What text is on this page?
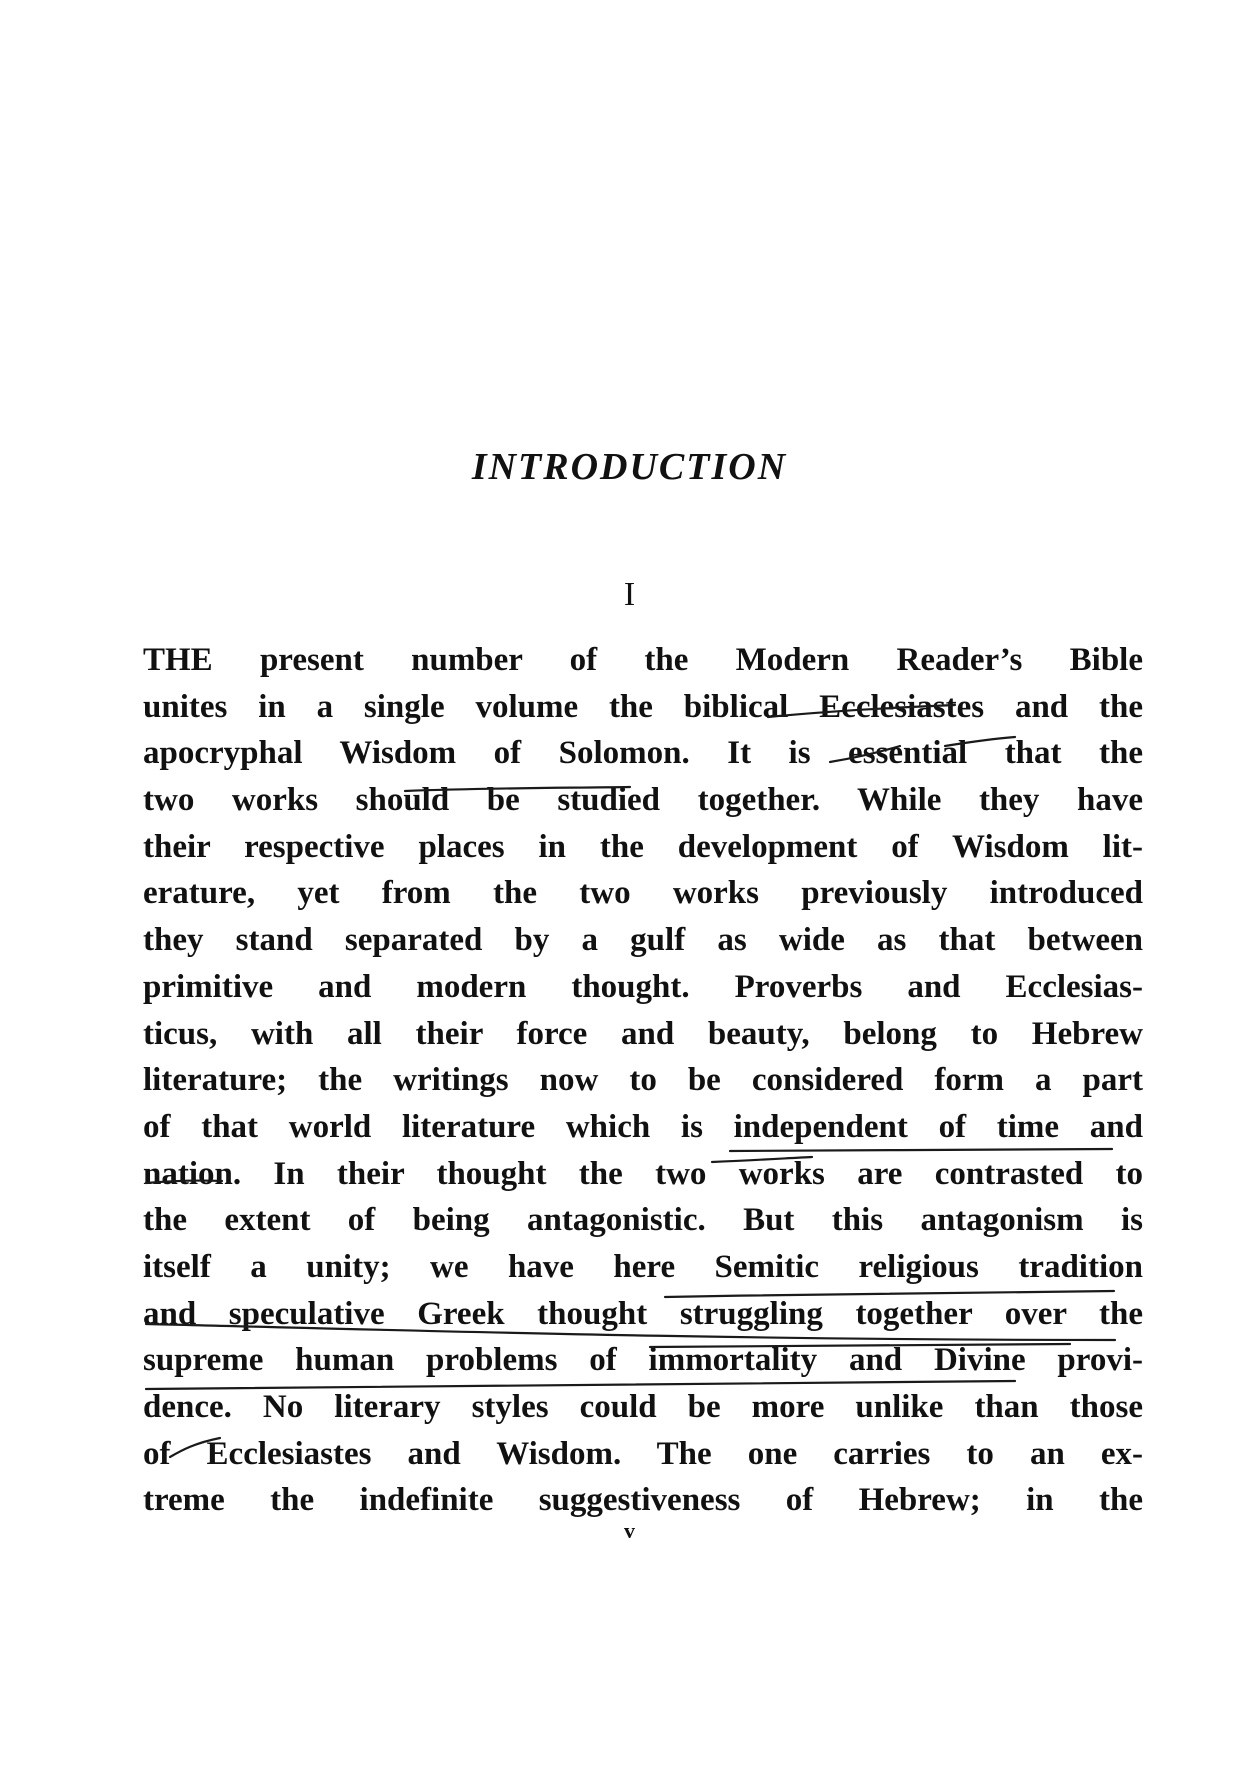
INTRODUCTION
I
THE present number of the Modern Reader’s Bible
unites in a single volume the biblical Ecclesiastes and the
apocryphal Wisdom of Solomon. It is essential that the
two works should be studied together. While they have
their respective places in the development of Wisdom lit-
erature, yet from the two works previously introduced
they stand separated by a gulf as wide as that between
primitive and modern thought. Proverbs and Ecclesias-
ticus, with all their force and beauty, belong to Hebrew
literature; the writings now to be considered form a part
of that world literature which is independent of time and
nation. In their thought the two works are contrasted to
the extent of being antagonistic. But this antagonism is
itself a unity; we have here Semitic religious tradition
and speculative Greek thought struggling together over the
supreme human problems of immortality and Divine provi-
dence. No literary styles could be more unlike than those
of Ecclesiastes and Wisdom. The one carries to an ex-
treme the indefinite suggestiveness of Hebrew; in the
v
